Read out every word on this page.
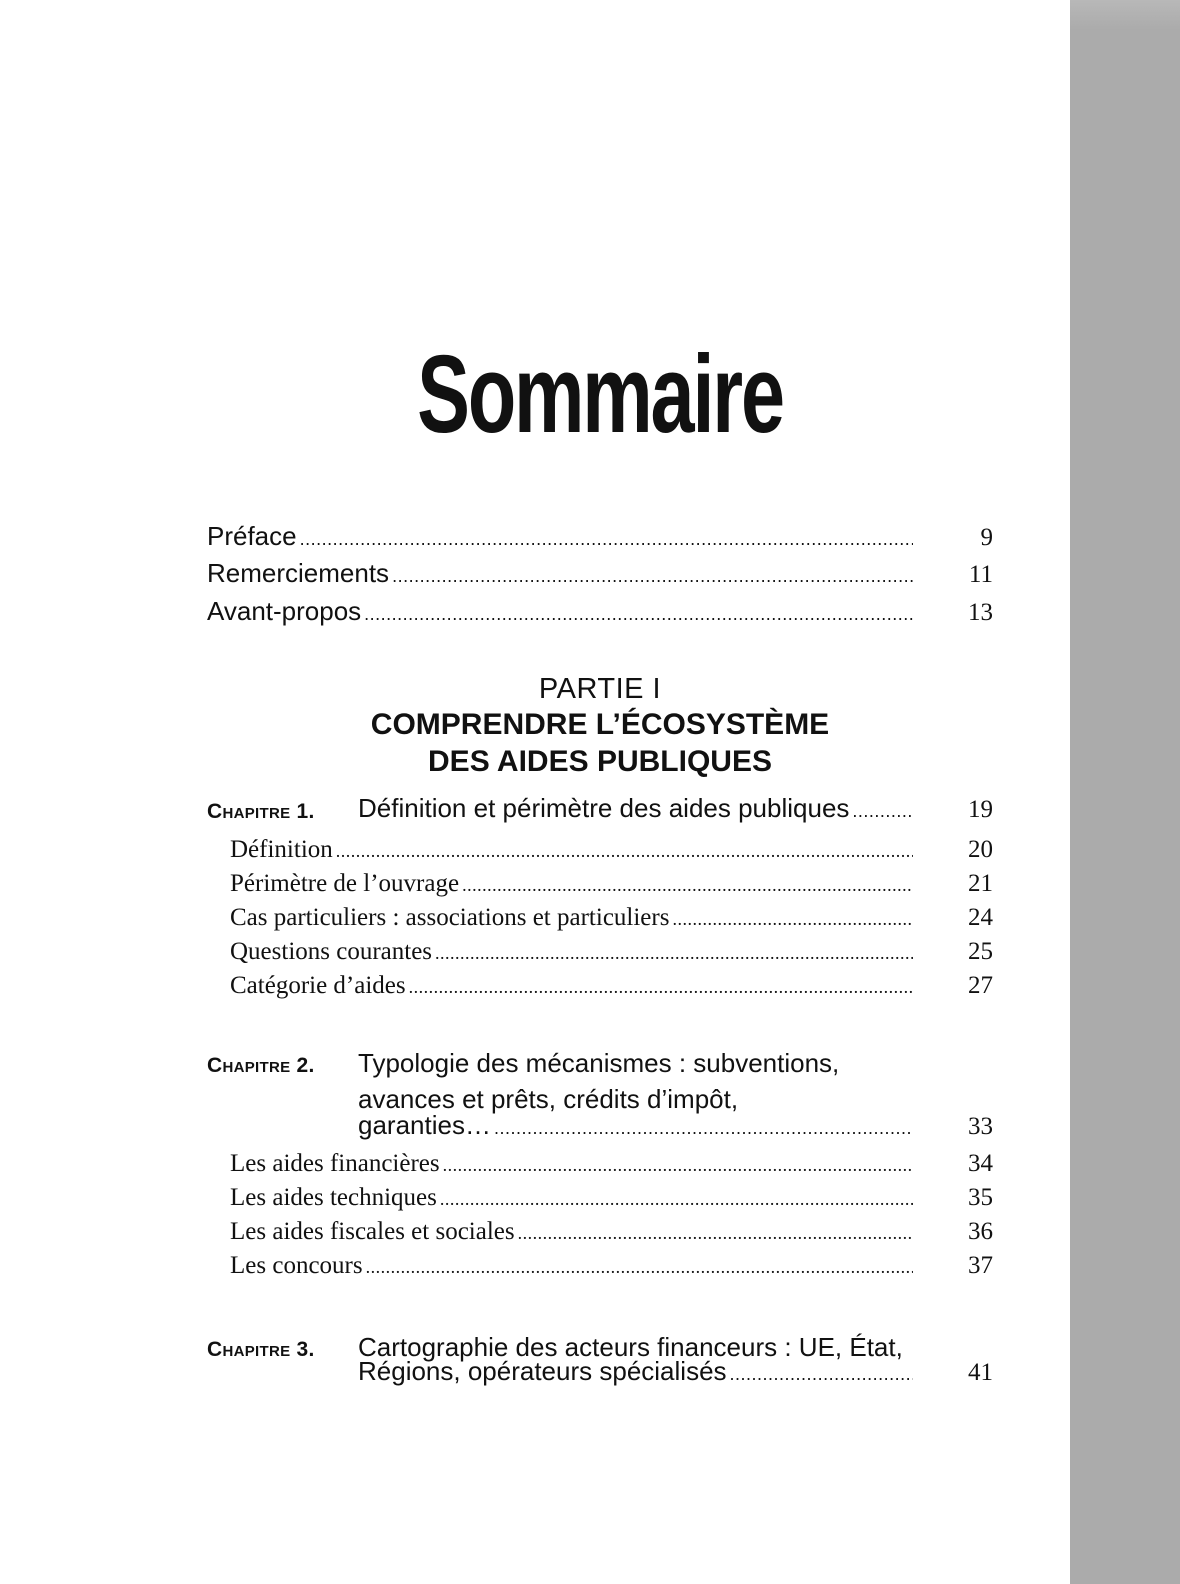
Sommaire
Préface .....	9
Remerciements .....	11
Avant-propos .....	13
PARTIE I
COMPRENDRE L’ÉCOSYSTÈME
DES AIDES PUBLIQUES
Chapitre 1. Définition et périmètre des aides publiques .....	19
Définition .....	20
Périmètre de l’ouvrage .....	21
Cas particuliers : associations et particuliers .....	24
Questions courantes .....	25
Catégorie d’aides .....	27
Chapitre 2. Typologie des mécanismes : subventions,
avances et prêts, crédits d’impôt,
garanties… .....	33
Les aides financières .....	34
Les aides techniques .....	35
Les aides fiscales et sociales .....	36
Les concours .....	37
Chapitre 3. Cartographie des acteurs financeurs : UE, État,
Régions, opérateurs spécialisés .....	41
